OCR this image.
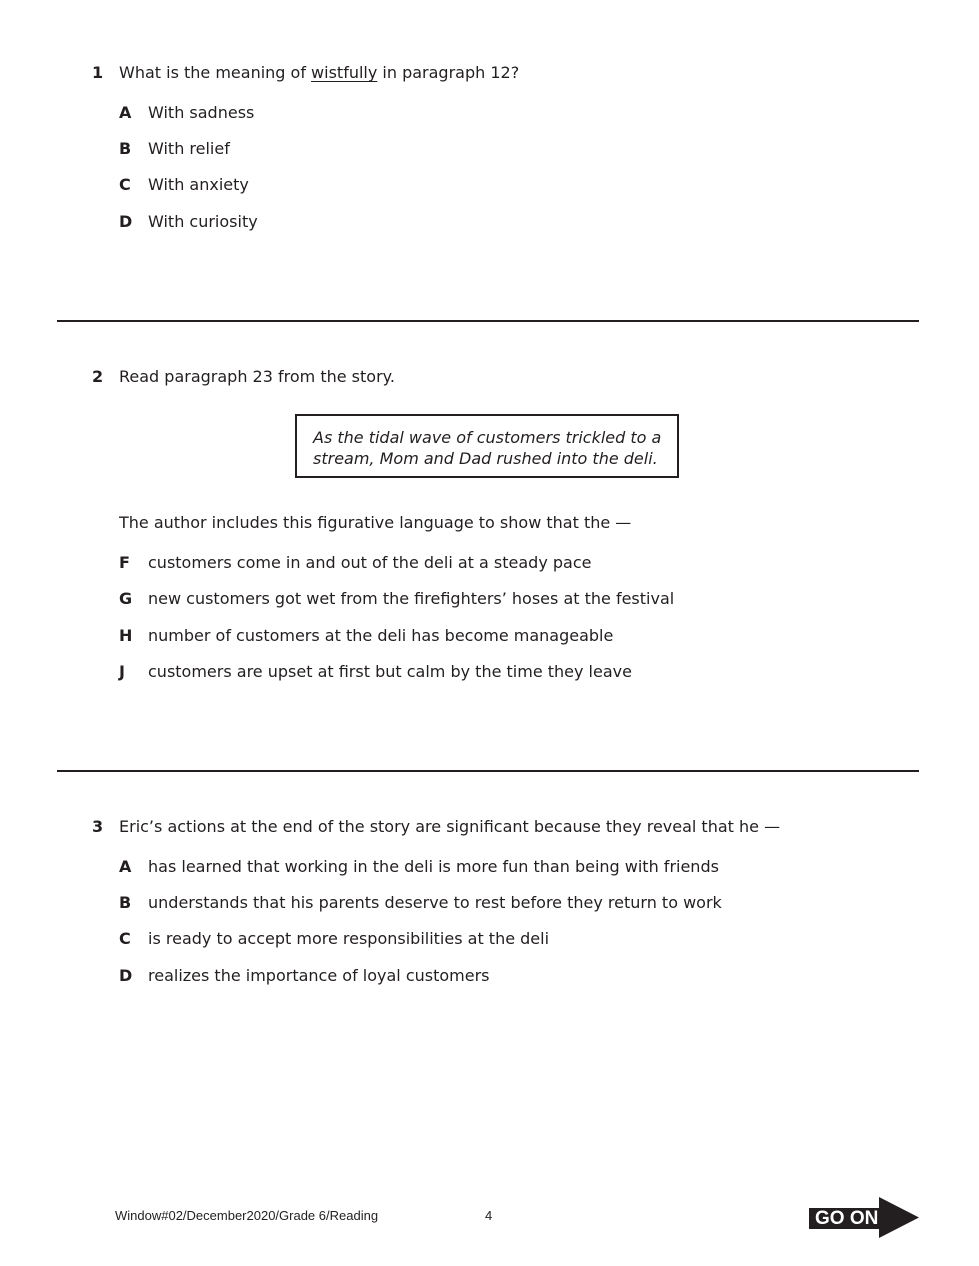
1 What is the meaning of wistfully in paragraph 12?
A	With sadness
B	With relief
C	With anxiety
D With curiosity
2 Read paragraph 23 from the story.
As the tidal wave of customers trickled to a
stream, Mom and Dad rushed into the deli.
The author includes this figurative language to show that the —
F	customers come in and out of the deli at a steady pace
G new customers got wet from the firefighters’ hoses at the festival
H number of customers at the deli has become manageable
J	customers are upset at first but calm by the time they leave
3 Eric’s actions at the end of the story are significant because they reveal that he —
A	has learned that working in the deli is more fun than being with friends
B	understands that his parents deserve to rest before they return to work
C	is ready to accept more responsibilities at the deli
D realizes the importance of loyal customers
Window#02/December2020/Grade 6/Reading	4	GO ON
